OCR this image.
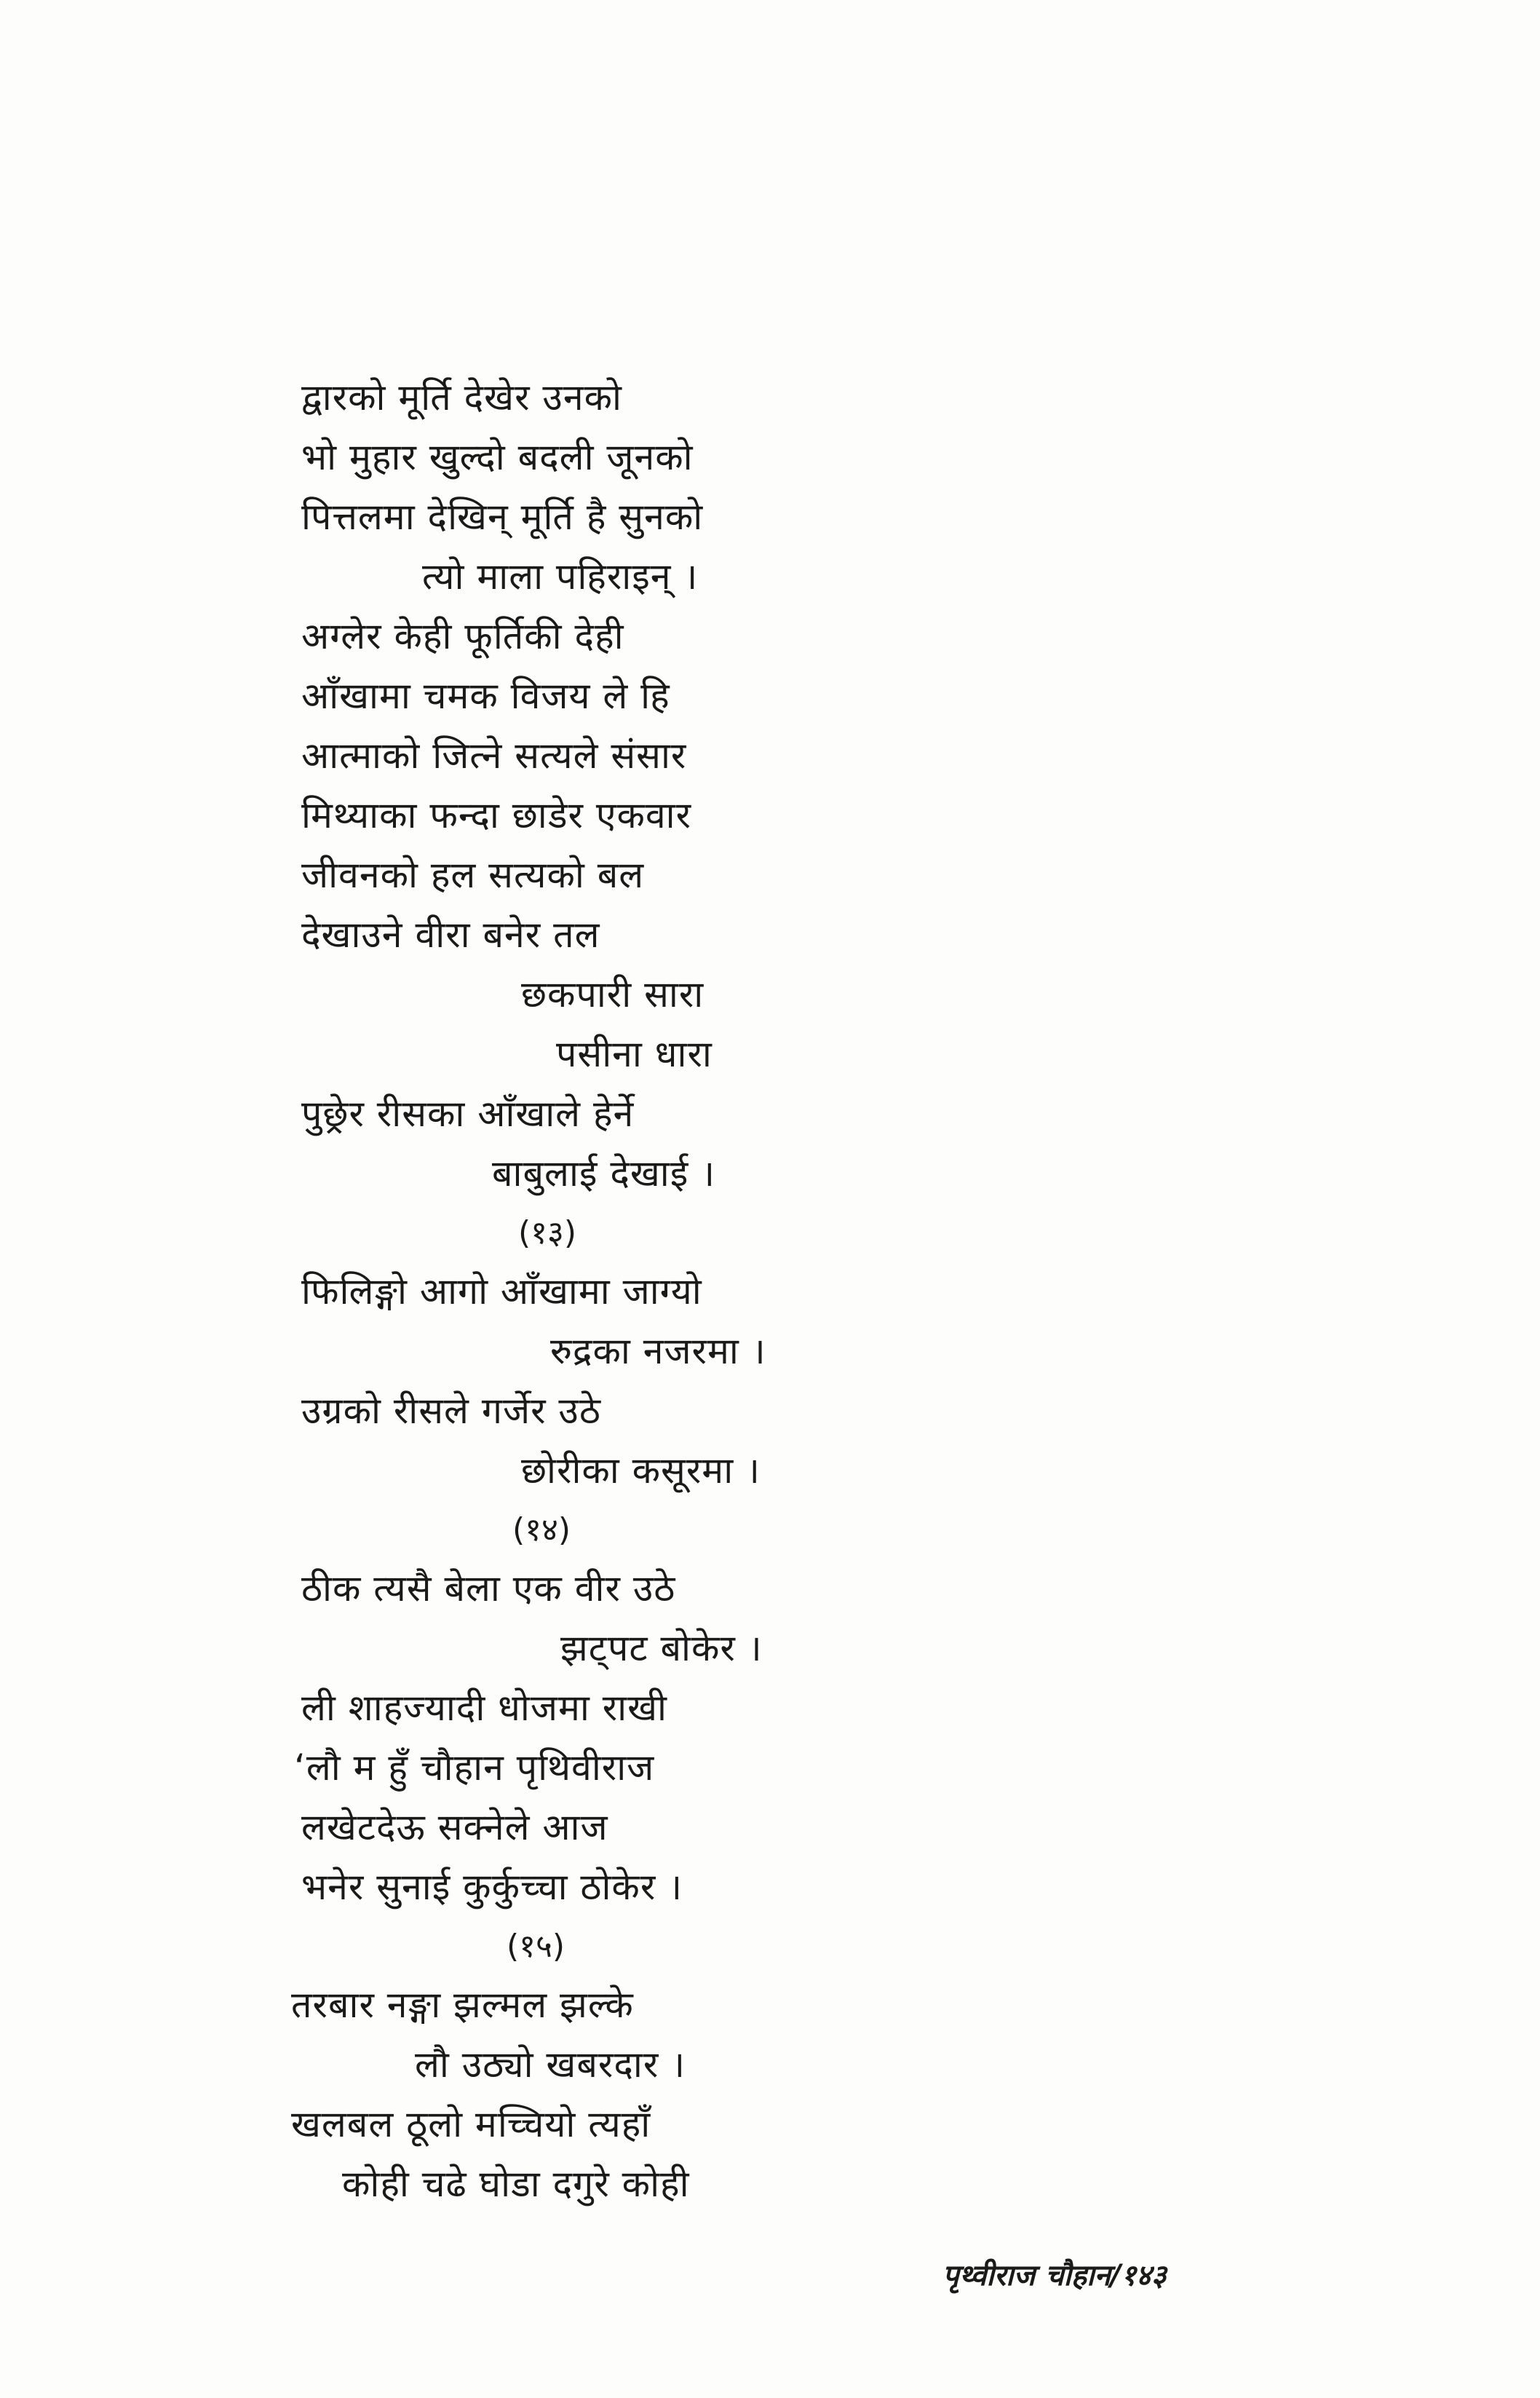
द्वारको मूर्ति देखेर उनको
भो मुहार खुल्दो बदली जूनको
पित्तलमा देखिन् मूर्ति है सुनको
त्यो माला पहिराइन् ।
अग्लेर केही फूर्तिकी देही
आँखामा चमक विजय ले हि
आत्माको जित्ने सत्यले संसार
मिथ्याका फन्दा छाडेर एकवार
जीवनको हल सत्यको बल
देखाउने वीरा बनेर तल
छकपारी सारा
पसीना धारा
पुछ्रेर रीसका आँखाले हेर्ने
बाबुलाई देखाई ।
(१३)
फिलिङ्गो आगो आँखामा जाग्यो
रुद्रका नजरमा ।
उग्रको रीसले गर्जेर उठे
छोरीका कसूरमा ।
(१४)
ठीक त्यसै बेला एक वीर उठे
झट्पट बोकेर ।
ली शाहज्यादी धोजमा राखी
‘लौ म हुँ चौहान पृथिवीराज
लखेटदेऊ सक्नेले आज
भनेर सुनाई कुर्कुच्चा ठोकेर ।
(१५)
तरबार नङ्गा झल्मल झल्के
लौ उठ्यो खबरदार ।
खलबल ठूलो मच्चियो त्यहाँ
कोही चढे घोडा दगुरे कोही
पृथ्वीराज चौहान/१४३
